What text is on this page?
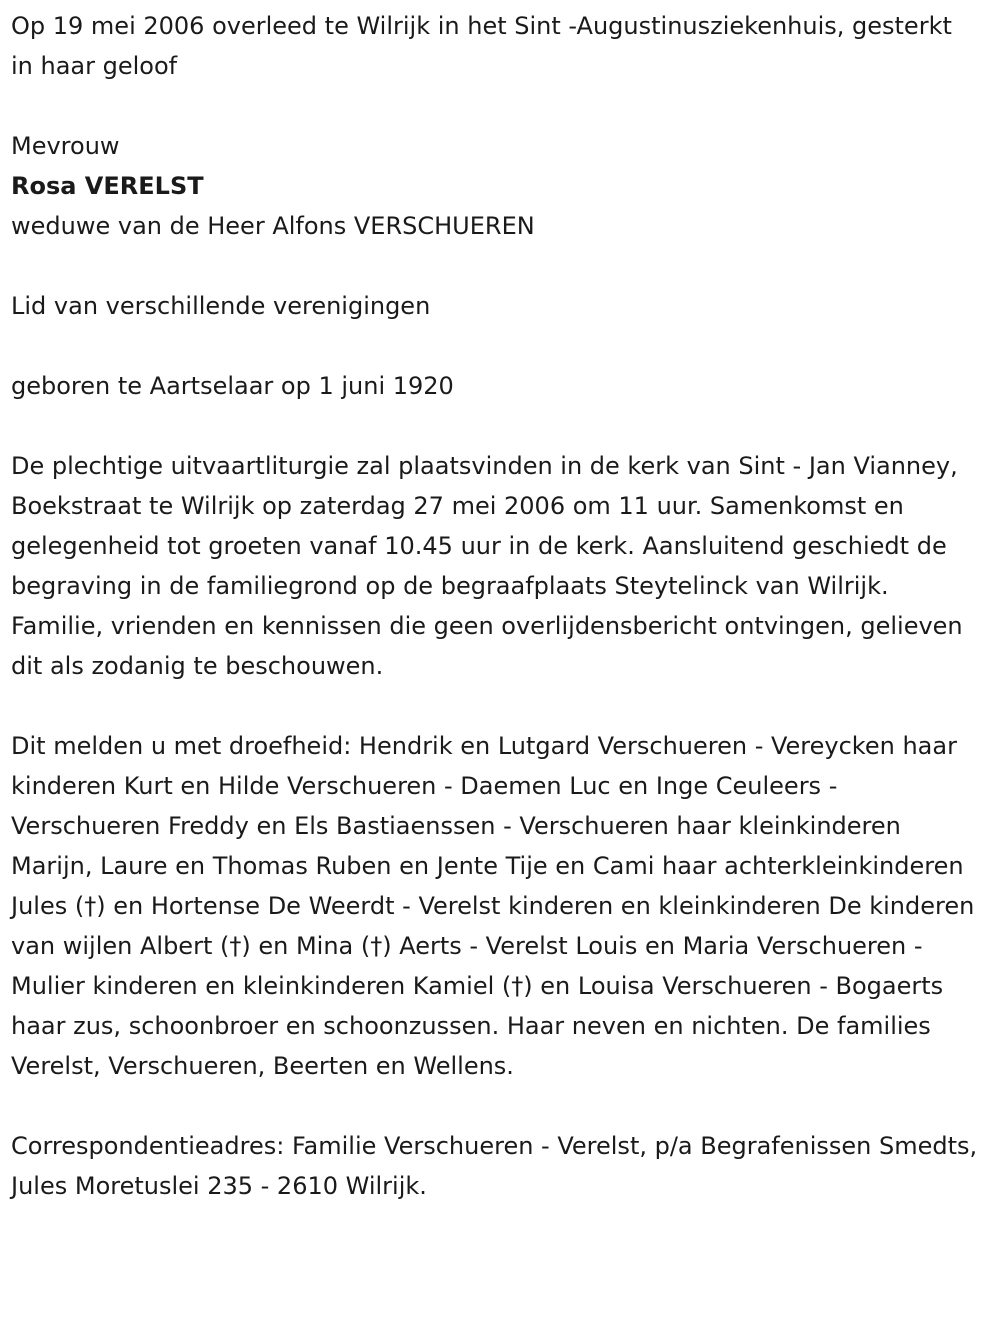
Op 19 mei 2006 overleed te Wilrijk in het Sint -Augustinusziekenhuis, gesterkt in haar geloof

Mevrouw

Rosa VERELST

weduwe van de Heer Alfons VERSCHUEREN

Lid van verschillende verenigingen

geboren te Aartselaar op 1 juni 1920

De plechtige uitvaartliturgie zal plaatsvinden in de kerk van Sint - Jan Vianney, Boekstraat te Wilrijk op zaterdag 27 mei 2006 om 11 uur. Samenkomst en gelegenheid tot groeten vanaf 10.45 uur in de kerk. Aansluitend geschiedt de begraving in de familiegrond op de begraafplaats Steytelinck van Wilrijk. Familie, vrienden en kennissen die geen overlijdensbericht ontvingen, gelieven dit als zodanig te beschouwen.

Dit melden u met droefheid: Hendrik en Lutgard Verschueren - Vereycken haar kinderen Kurt en Hilde Verschueren - Daemen Luc en Inge Ceuleers - Verschueren Freddy en Els Bastiaenssen - Verschueren haar kleinkinderen Marijn, Laure en Thomas Ruben en Jente Tije en Cami haar achterkleinkinderen Jules (†) en Hortense De Weerdt - Verelst kinderen en kleinkinderen De kinderen van wijlen Albert (†) en Mina (†) Aerts - Verelst Louis en Maria Verschueren - Mulier kinderen en kleinkinderen Kamiel (†) en Louisa Verschueren - Bogaerts haar zus, schoonbroer en schoonzussen. Haar neven en nichten. De families Verelst, Verschueren, Beerten en Wellens.

Correspondentieadres: Familie Verschueren - Verelst, p/a Begrafenissen Smedts, Jules Moretuslei 235 - 2610 Wilrijk.
